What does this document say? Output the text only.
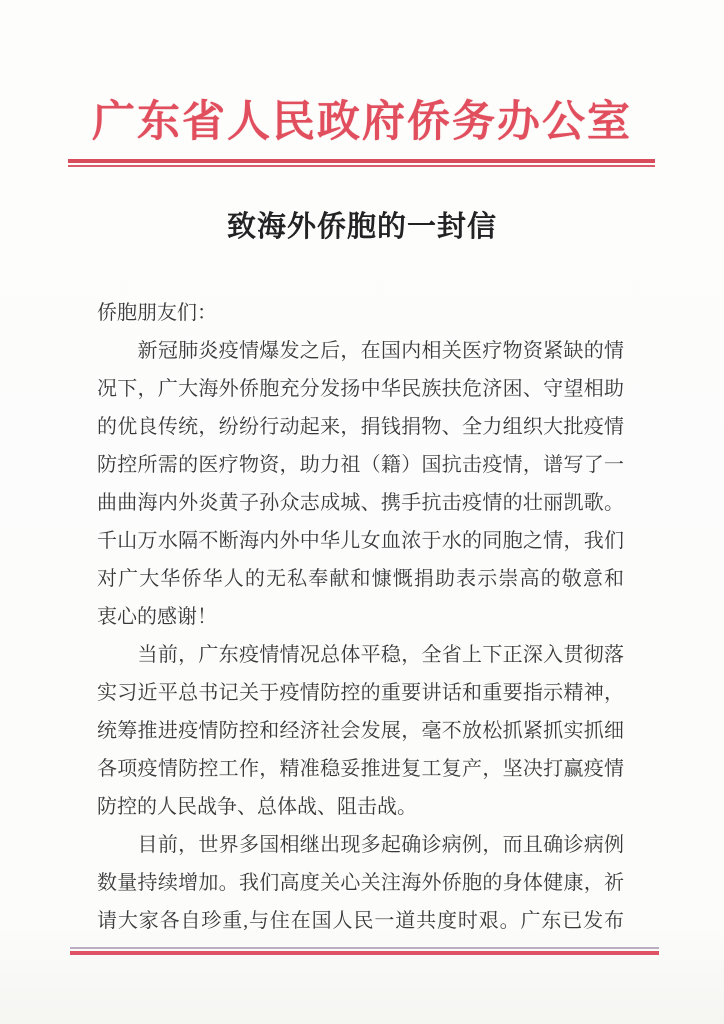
广东省人民政府侨务办公室
致海外侨胞的一封信
侨胞朋友们：
　　新冠肺炎疫情爆发之后，在国内相关医疗物资紧缺的情
况下，广大海外侨胞充分发扬中华民族扶危济困、守望相助
的优良传统，纷纷行动起来，捐钱捐物、全力组织大批疫情
防控所需的医疗物资，助力祖（籍）国抗击疫情，谱写了一
曲曲海内外炎黄子孙众志成城、携手抗击疫情的壮丽凯歌。
千山万水隔不断海内外中华儿女血浓于水的同胞之情，我们
对广大华侨华人的无私奉献和慷慨捐助表示崇高的敬意和
衷心的感谢！
　　当前，广东疫情情况总体平稳，全省上下正深入贯彻落
实习近平总书记关于疫情防控的重要讲话和重要指示精神，
统筹推进疫情防控和经济社会发展，毫不放松抓紧抓实抓细
各项疫情防控工作，精准稳妥推进复工复产，坚决打赢疫情
防控的人民战争、总体战、阻击战。
　　目前，世界多国相继出现多起确诊病例，而且确诊病例
数量持续增加。我们高度关心关注海外侨胞的身体健康，祈
请大家各自珍重,与住在国人民一道共度时艰。广东已发布
